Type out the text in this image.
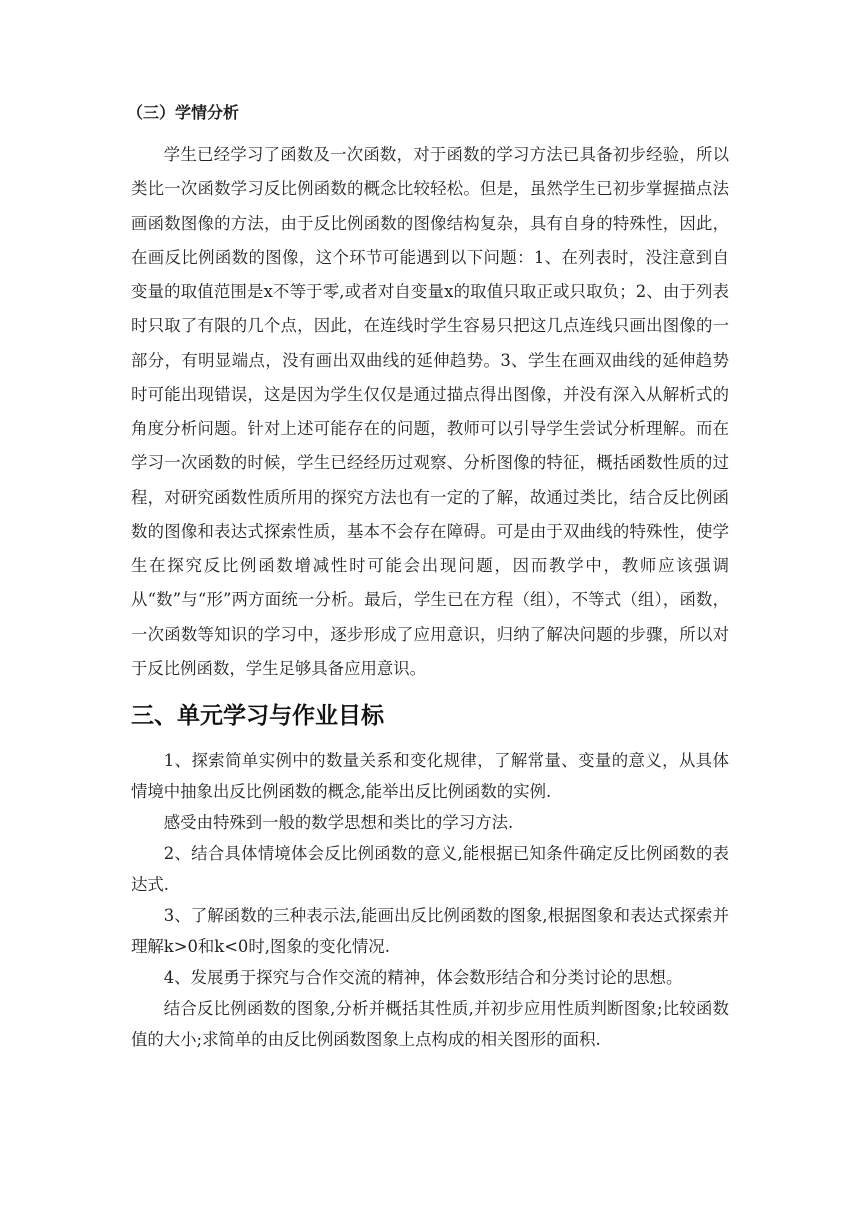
（三）学情分析

学生已经学习了函数及一次函数，对于函数的学习方法已具备初步经验，所以类比一次函数学习反比例函数的概念比较轻松。但是，虽然学生已初步掌握描点法画函数图像的方法，由于反比例函数的图像结构复杂，具有自身的特殊性，因此，在画反比例函数的图像，这个环节可能遇到以下问题：1、在列表时，没注意到自变量的取值范围是x不等于零,或者对自变量x的取值只取正或只取负；2、由于列表时只取了有限的几个点，因此，在连线时学生容易只把这几点连线只画出图像的一部分，有明显端点，没有画出双曲线的延伸趋势。3、学生在画双曲线的延伸趋势时可能出现错误，这是因为学生仅仅是通过描点得出图像，并没有深入从解析式的角度分析问题。针对上述可能存在的问题，教师可以引导学生尝试分析理解。而在学习一次函数的时候，学生已经经历过观察、分析图像的特征，概括函数性质的过程，对研究函数性质所用的探究方法也有一定的了解，故通过类比，结合反比例函数的图像和表达式探索性质，基本不会存在障碍。可是由于双曲线的特殊性，使学生在探究反比例函数增减性时可能会出现问题，因而教学中，教师应该强调从“数”与“形”两方面统一分析。最后，学生已在方程（组），不等式（组），函数，一次函数等知识的学习中，逐步形成了应用意识，归纳了解决问题的步骤，所以对于反比例函数，学生足够具备应用意识。

三、单元学习与作业目标

1、探索简单实例中的数量关系和变化规律，了解常量、变量的意义，从具体情境中抽象出反比例函数的概念,能举出反比例函数的实例.

感受由特殊到一般的数学思想和类比的学习方法.

2、结合具体情境体会反比例函数的意义,能根据已知条件确定反比例函数的表达式.

3、了解函数的三种表示法,能画出反比例函数的图象,根据图象和表达式探索并理解k>0和k<0时,图象的变化情况.

4、发展勇于探究与合作交流的精神，体会数形结合和分类讨论的思想。

结合反比例函数的图象,分析并概括其性质,并初步应用性质判断图象;比较函数值的大小;求简单的由反比例函数图象上点构成的相关图形的面积.
